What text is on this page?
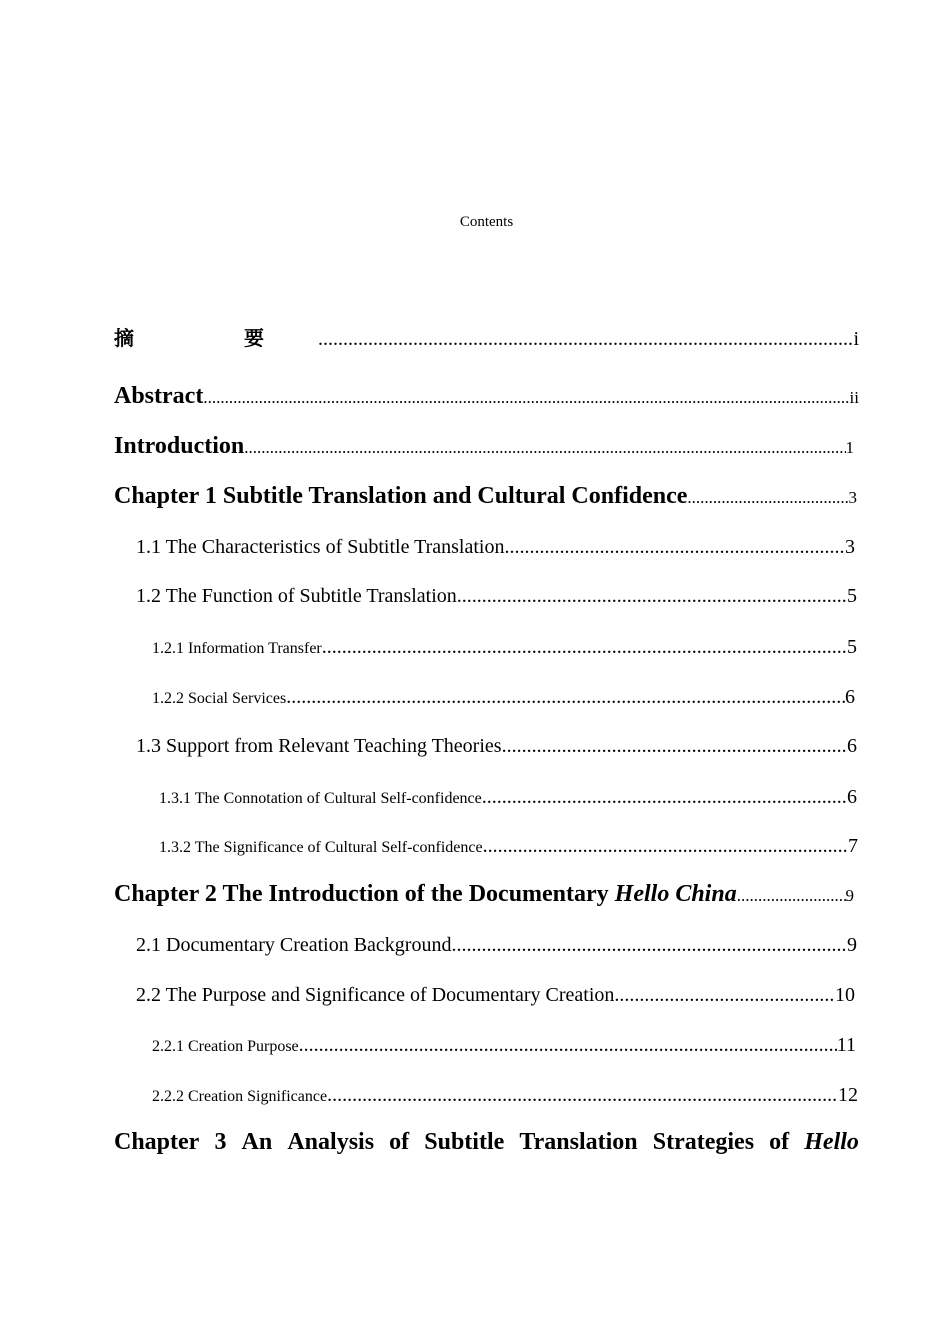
Contents
摘	要 .....	i
Abstract .....	ii
Introduction .....	1
Chapter 1 Subtitle Translation and Cultural Confidence .....	3
1.1 The Characteristics of Subtitle Translation .....	3
1.2 The Function of Subtitle Translation .....	5
1.2.1 Information Transfer .....	5
1.2.2 Social Services .....	6
1.3 Support from Relevant Teaching Theories .....	6
1.3.1 The Connotation of Cultural Self-confidence .....	6
1.3.2 The Significance of Cultural Self-confidence .....	7
Chapter 2 The Introduction of the Documentary Hello China .....	9
2.1 Documentary Creation Background .....	9
2.2 The Purpose and Significance of Documentary Creation .....	10
2.2.1 Creation Purpose .....	11
2.2.2 Creation Significance .....	12
Chapter 3 An Analysis of Subtitle Translation Strategies of Hello
